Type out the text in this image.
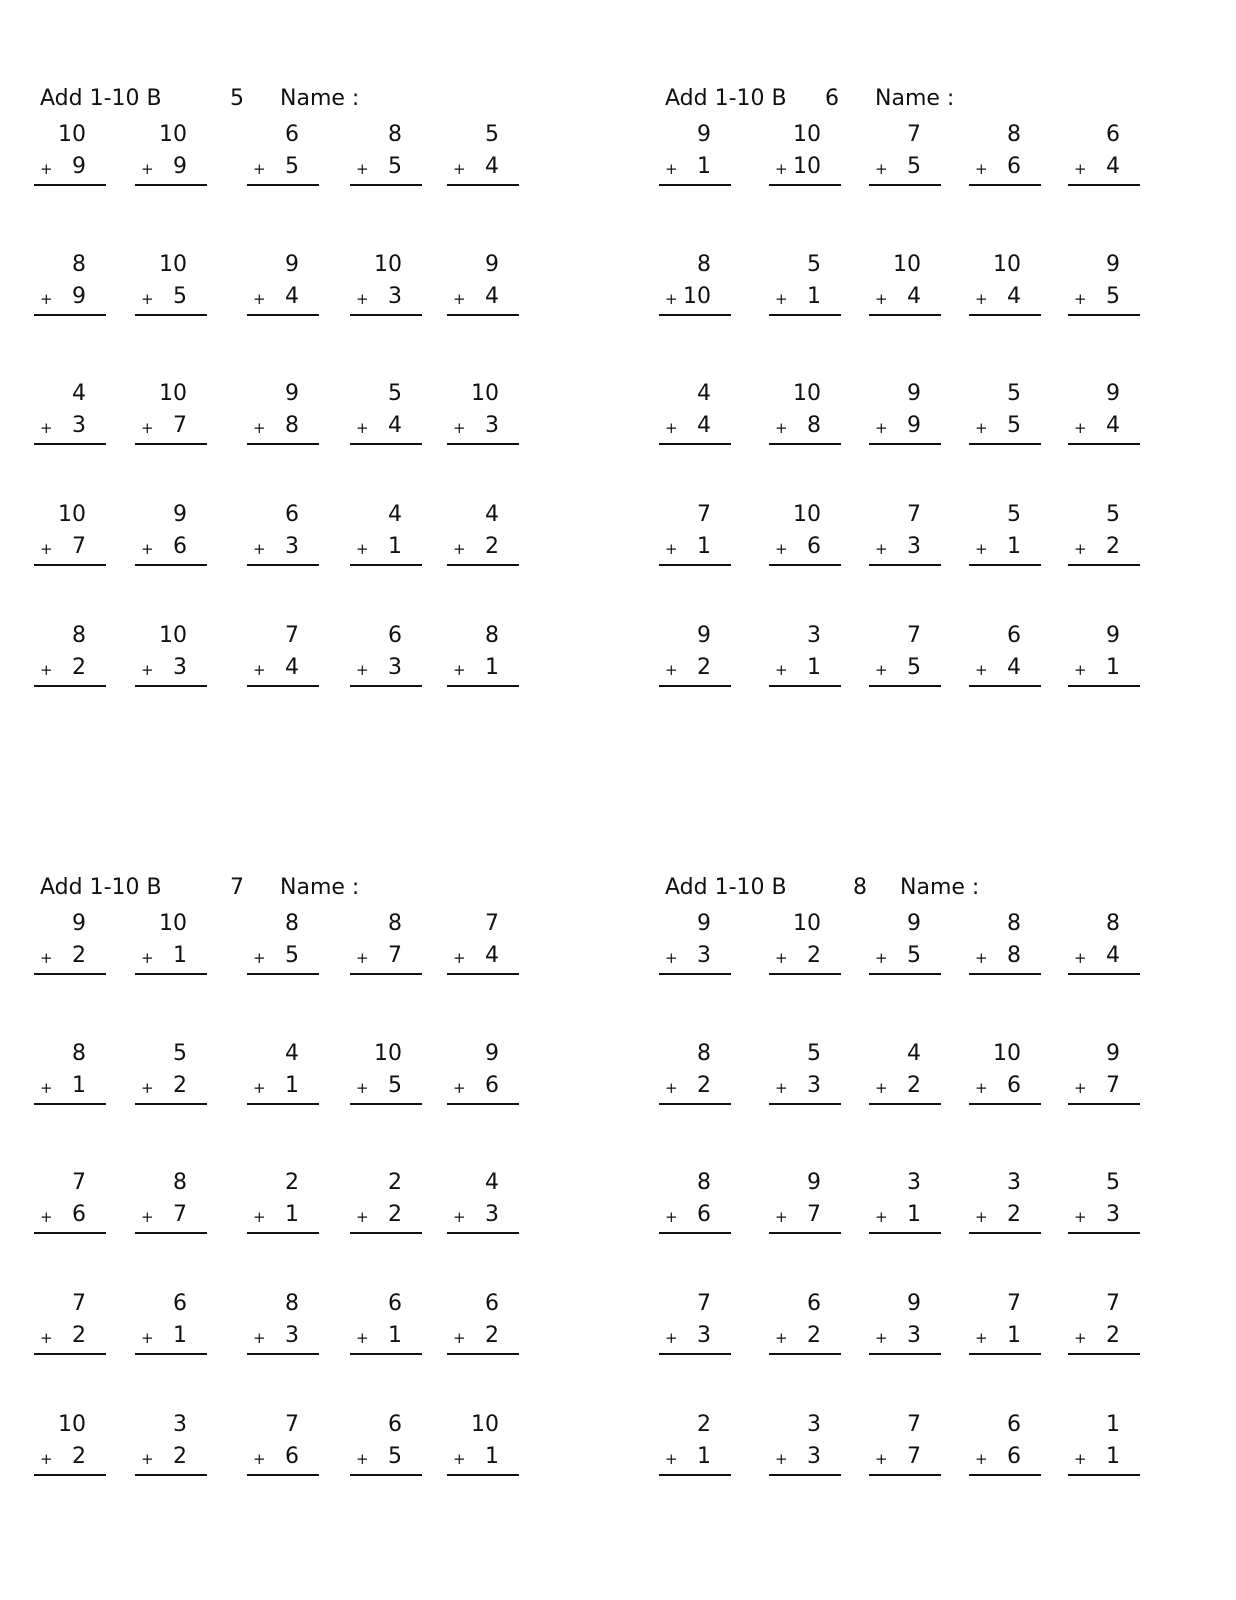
Add 1-10 B	5 Name :
10
+ 9
10
+ 9
6
+ 5
8
+ 5
5
+ 4
8
+ 9
10
+ 5
9
+ 4
10
+ 3
9
+ 4
4
+ 3
10
+ 7
9
+ 8
5
+ 4
10
+ 3
10
+ 7
9
+ 6
6
+ 3
4
+ 1
4
+ 2
8
+ 2
10
+ 3
7
+ 4
6
+ 3
8
+ 1
Add 1-10 B 6 Name :
9
+ 1
10
+ 10
7
+ 5
8
+ 6
6
+ 4
8
+ 10
5
+ 1
10
+ 4
10
+ 4
9
+ 5
4
+ 4
10
+ 8
9
+ 9
5
+ 5
9
+ 4
7
+ 1
10
+ 6
7
+ 3
5
+ 1
5
+ 2
9
+ 2
3
+ 1
7
+ 5
6
+ 4
9
+ 1
Add 1-10 B	7 Name :
9
+ 2
10
+ 1
8
+ 5
8
+ 7
7
+ 4
8
+ 1
5
+ 2
4
+ 1
10
+ 5
9
+ 6
7
+ 6
8
+ 7
2
+ 1
2
+ 2
4
+ 3
7
+ 2
6
+ 1
8
+ 3
6
+ 1
6
+ 2
10
+ 2
3
+ 2
7
+ 6
6
+ 5
10
+ 1
Add 1-10 B	8 Name :
9
+ 3
10
+ 2
9
+ 5
8
+ 8
8
+ 4
8
+ 2
5
+ 3
4
+ 2
10
+ 6
9
+ 7
8
+ 6
9
+ 7
3
+ 1
3
+ 2
5
+ 3
7
+ 3
6
+ 2
9
+ 3
7
+ 1
7
+ 2
2
+ 1
3
+ 3
7
+ 7
6
+ 6
1
+ 1
